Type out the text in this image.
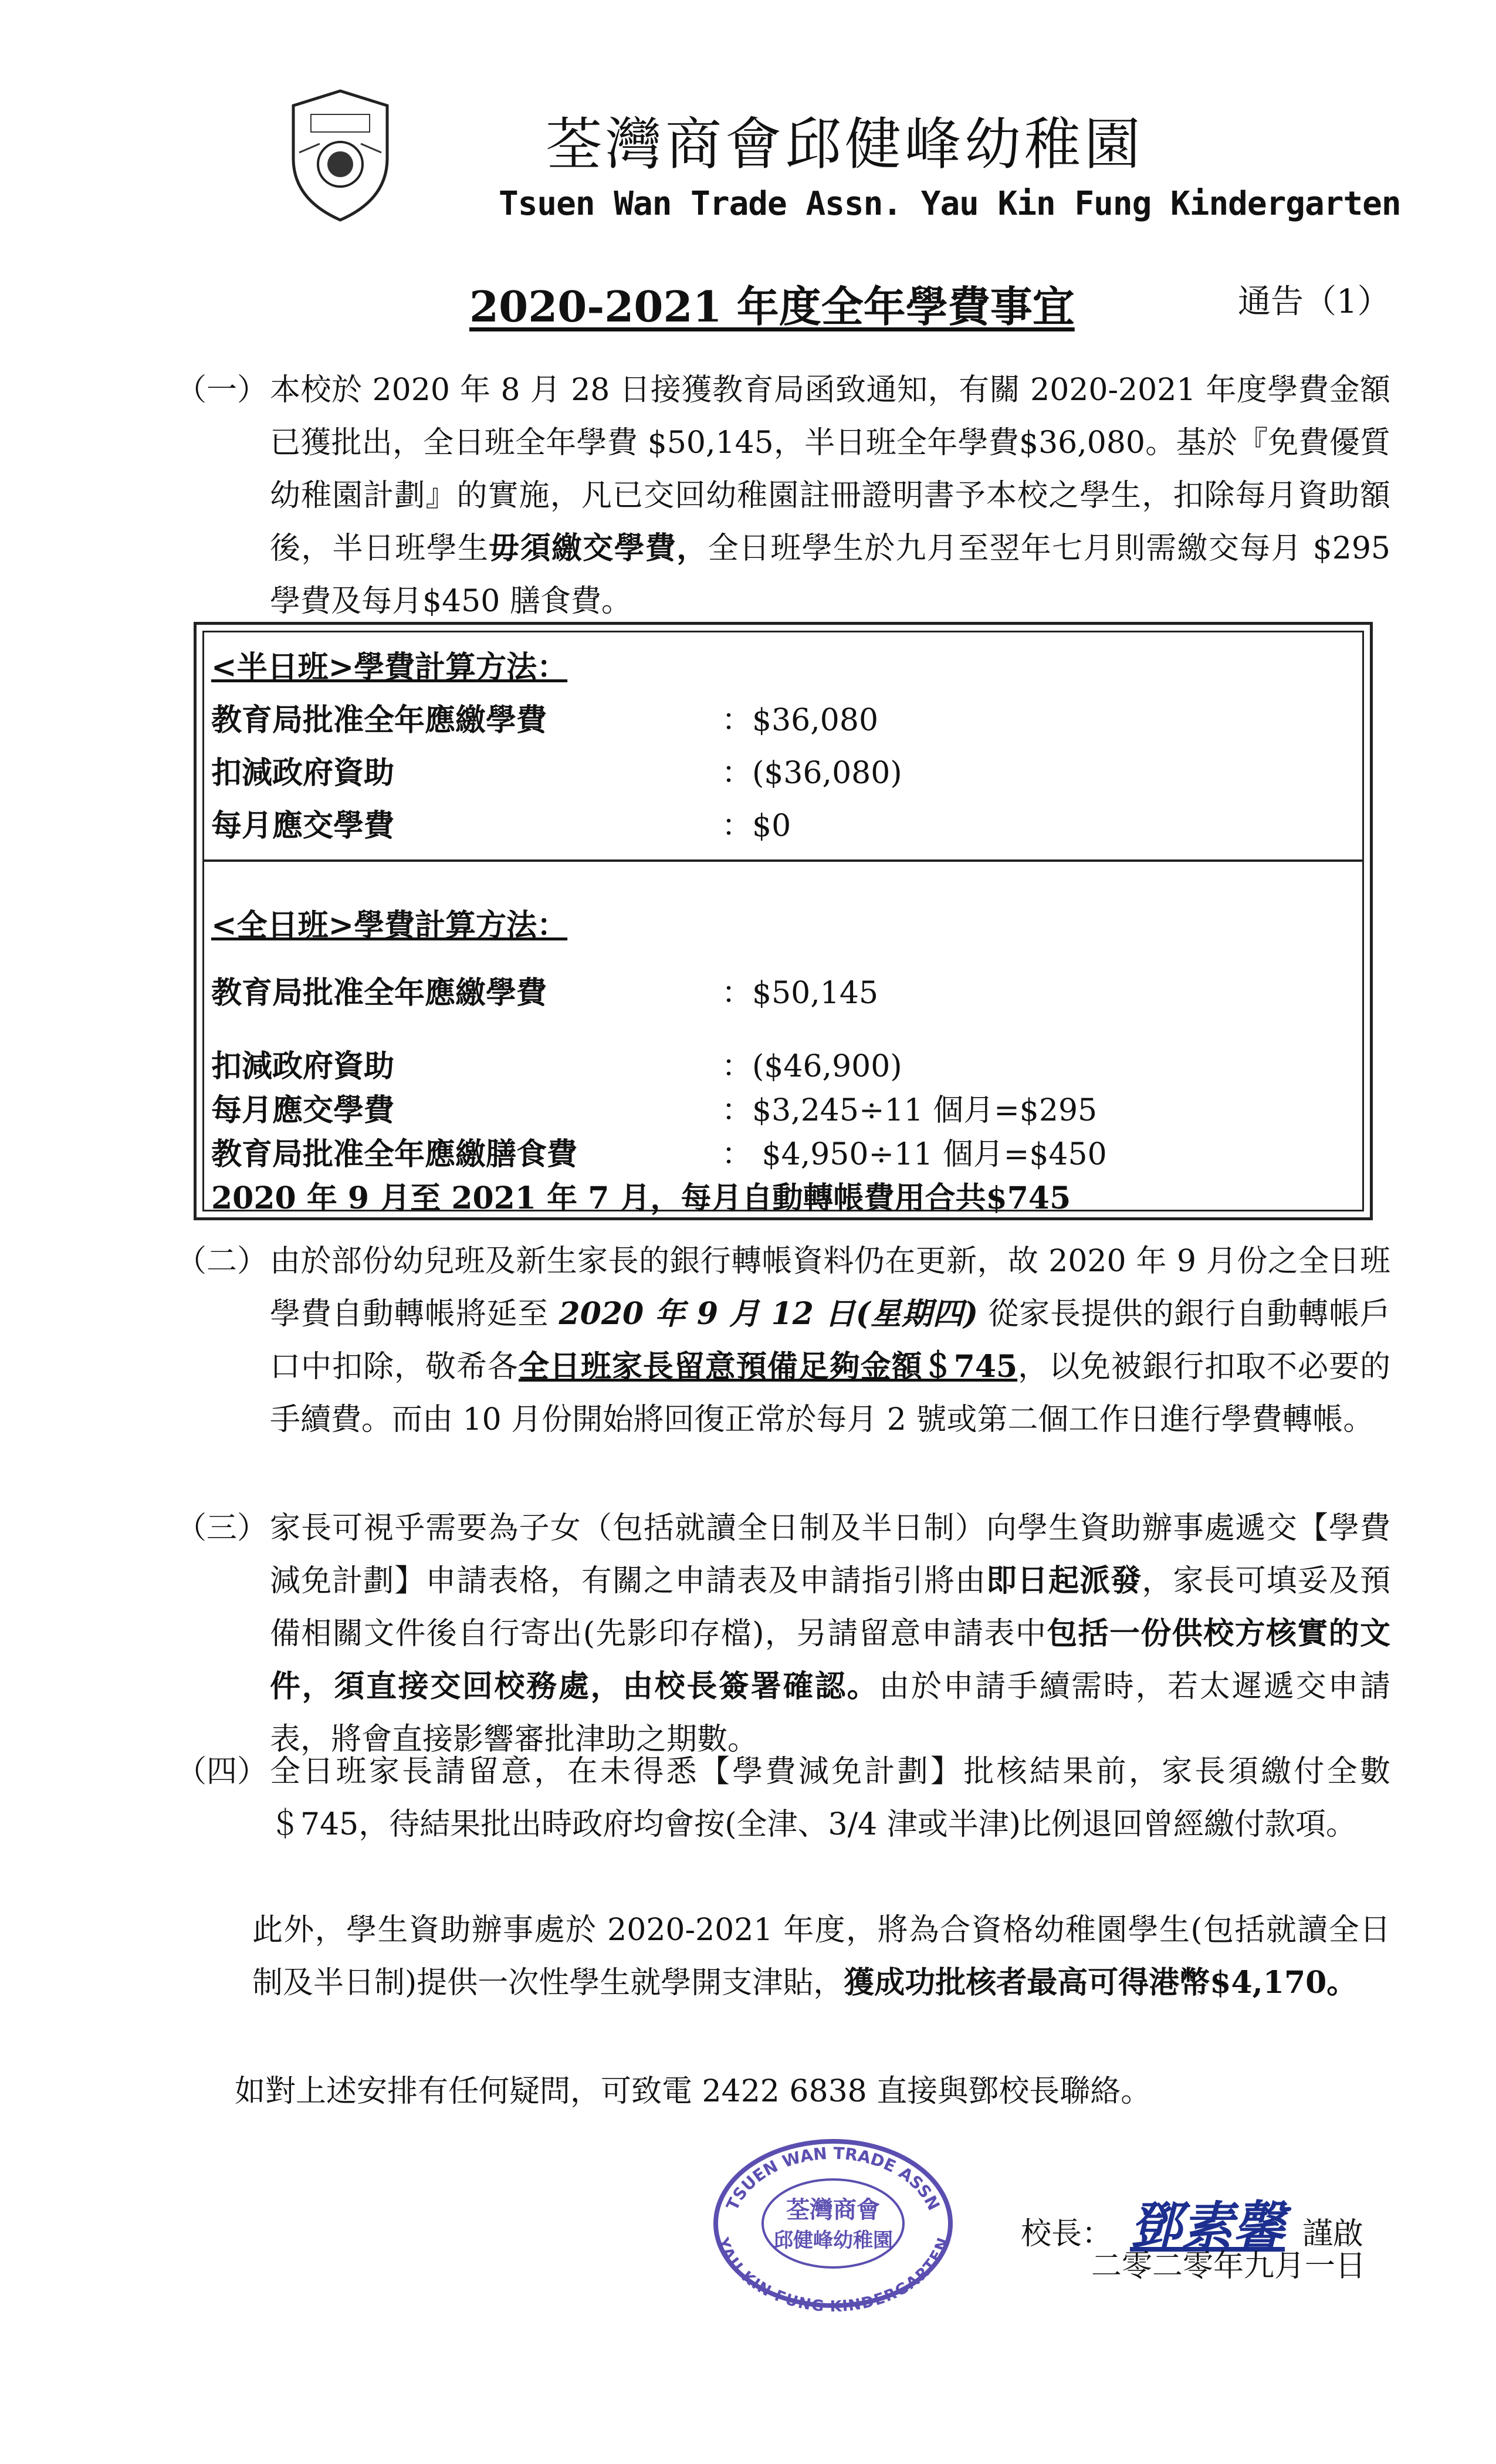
荃灣商會邱健峰幼稚園
Tsuen Wan Trade Assn. Yau Kin Fung Kindergarten
2020-2021 年度全年學費事宜	通告（1）
（一） 本校於 2020 年 8 月 28 日接獲教育局函致通知，有關 2020-2021 年度學費金額已獲批出，全日班全年學費 $50,145，半日班全年學費$36,080。基於『免費優質幼稚園計劃』的實施，凡已交回幼稚園註冊證明書予本校之學生，扣除每月資助額後，半日班學生毋須繳交學費，全日班學生於九月至翌年七月則需繳交每月 $295 學費及每月$450 膳食費。
<半日班>學費計算方法：
教育局批准全年應繳學費	：$36,080
扣減政府資助	：($36,080)
每月應交學費	：$0
<全日班>學費計算方法：
教育局批准全年應繳學費	：$50,145
扣減政府資助	：($46,900)
每月應交學費	：$3,245÷11 個月=$295
教育局批准全年應繳膳食費	： $4,950÷11 個月=$450
2020 年 9 月至 2021 年 7 月，每月自動轉帳費用合共$745
（二） 由於部份幼兒班及新生家長的銀行轉帳資料仍在更新，故 2020 年 9 月份之全日班學費自動轉帳將延至 2020 年 9 月 12 日(星期四) 從家長提供的銀行自動轉帳戶口中扣除，敬希各全日班家長留意預備足夠金額＄745，以免被銀行扣取不必要的手續費。而由 10 月份開始將回復正常於每月 2 號或第二個工作日進行學費轉帳。
（三） 家長可視乎需要為子女（包括就讀全日制及半日制）向學生資助辦事處遞交【學費減免計劃】申請表格，有關之申請表及申請指引將由即日起派發，家長可填妥及預備相關文件後自行寄出(先影印存檔)，另請留意申請表中包括一份供校方核實的文件，須直接交回校務處，由校長簽署確認。由於申請手續需時，若太遲遞交申請表，將會直接影響審批津助之期數。
（四） 全日班家長請留意，在未得悉【學費減免計劃】批核結果前，家長須繳付全數＄745，待結果批出時政府均會按(全津、3/4 津或半津)比例退回曾經繳付款項。
此外，學生資助辦事處於 2020-2021 年度，將為合資格幼稚園學生(包括就讀全日制及半日制)提供一次性學生就學開支津貼，獲成功批核者最高可得港幣$4,170。
如對上述安排有任何疑問，可致電 2422 6838 直接與鄧校長聯絡。
TSUEN WAN TRADE ASSN
YAU KIN FUNG KINDERGARTEN
荃灣商會
邱健峰幼稚園	校長： 鄧素馨 謹啟
二零二零年九月一日
